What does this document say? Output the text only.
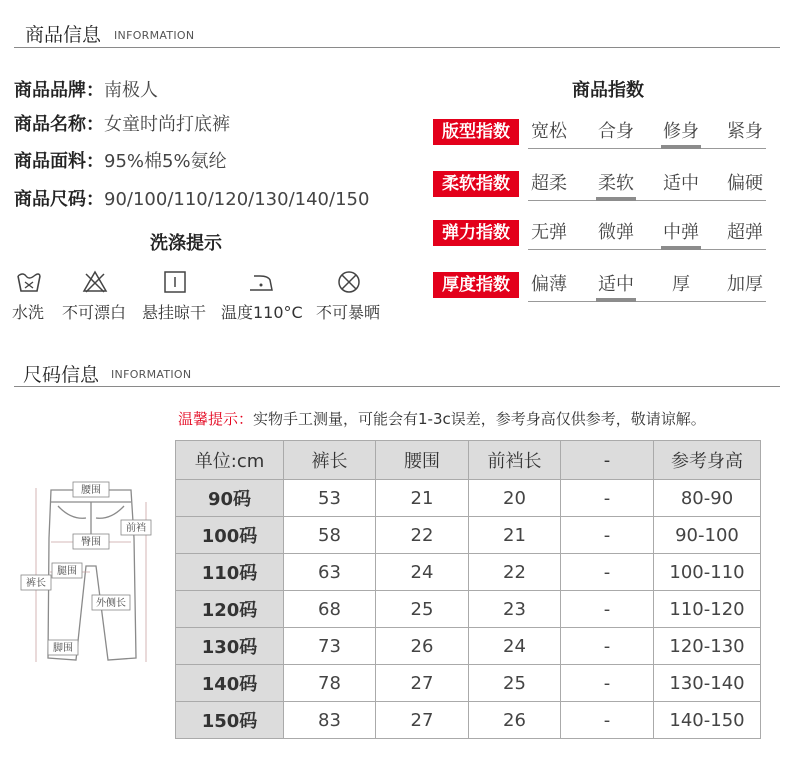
商品信息 INFORMATION
商品品牌：南极人
商品名称：女童时尚打底裤
商品面料：95%棉5%氨纶
商品尺码：90/100/110/120/130/140/150
洗涤提示
水洗 不可漂白 悬挂晾干 温度110°C 不可暴晒
商品指数
版型指数	宽松	合身	修身	紧身
柔软指数	超柔	柔软	适中	偏硬
弹力指数	无弹	微弹	中弹	超弹
厚度指数	偏薄	适中	厚	加厚
尺码信息 INFORMATION
温馨提示：实物手工测量，可能会有1-3c误差，参考身高仅供参考，敬请谅解。
腰围
前裆
臀围
腿围
裤长
外侧长
脚围
单位:cm	裤长	腰围	前裆长	-	参考身高
90码	53	21	20	-	80-90
100码	58	22	21	-	90-100
110码	63	24	22	-	100-110
120码	68	25	23	-	110-120
130码	73	26	24	-	120-130
140码	78	27	25	-	130-140
150码	83	27	26	-	140-150
